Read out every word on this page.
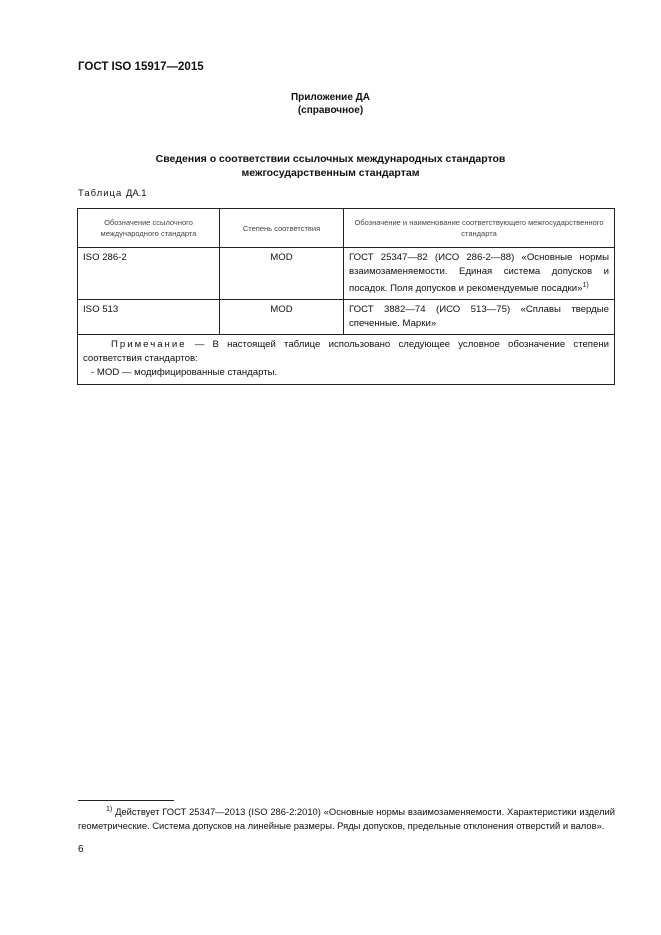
ГОСТ ISO 15917—2015
Приложение ДА
(справочное)
Сведения о соответствии ссылочных международных стандартов
межгосударственным стандартам
Таблица ДА.1
Обозначение ссылочного международного стандарта	Степень соответствия	Обозначение и наименование соответствующего межгосударственного стандарта
ISO 286-2	MOD	ГОСТ 25347—82 (ИСО 286-2—88) «Основные нормы взаимозаменяемости. Единая система допусков и посадок. Поля допусков и рекомендуемые посадки»$^{1)}$
ISO 513	MOD	ГОСТ 3882—74 (ИСО 513—75) «Сплавы твердые спеченные. Марки»

Примечание — В настоящей таблице использовано следующее условное обозначение степени соответствия стандартов:
- MOD — модифицированные стандарты.		
$^{1)}$ Действует ГОСТ 25347—2013 (ISO 286-2:2010) «Основные нормы взаимозаменяемости. Характеристики изделий геометрические. Система допусков на линейные размеры. Ряды допусков, предельные отклонения отверстий и валов».
6
